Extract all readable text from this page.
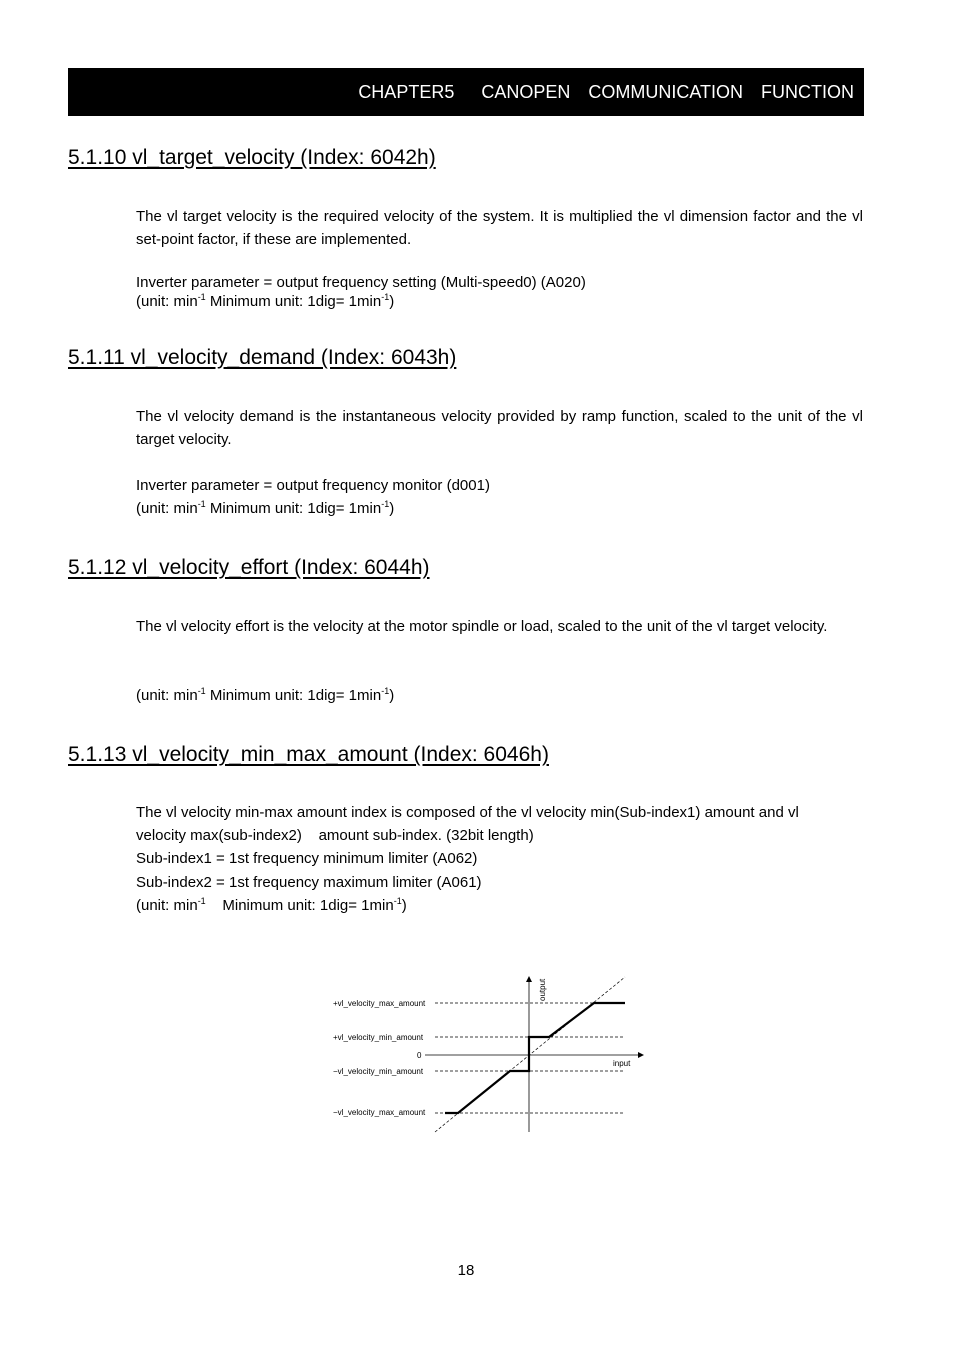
CHAPTER5   CANOPEN  COMMUNICATION  FUNCTION
5.1.10 vl_target_velocity (Index: 6042h)

The vl target velocity is the required velocity of the system. It is multiplied the vl dimension factor and the vl set-point factor, if these are implemented.

Inverter parameter = output frequency setting (Multi-speed0) (A020)
(unit: $\min^{-1}$ Minimum unit: $1dig= 1\min^{-1}$)
5.1.11 vl_velocity_demand (Index: 6043h)

The vl velocity demand is the instantaneous velocity provided by ramp function, scaled to the unit of the vl target velocity.

Inverter parameter = output frequency monitor (d001)
(unit: $\min^{-1}$ Minimum unit: $1dig= 1\min^{-1}$)
5.1.12 vl_velocity_effort (Index: 6044h)

The vl velocity effort is the velocity at the motor spindle or load, scaled to the unit of the vl target velocity.

(unit: $\min^{-1}$ Minimum unit: $1dig= 1\min^{-1}$)
5.1.13 vl_velocity_min_max_amount (Index: 6046h)
The vl velocity min-max amount index is composed of the vl velocity min(Sub-index1) amount and vl
velocity max(sub-index2)    amount sub-index. (32bit length)
Sub-index1 = 1st frequency minimum limiter (A062)
Sub-index2 = 1st frequency maximum limiter (A061)
(unit: $\min^{-1}$    Minimum unit: $1dig= 1\min^{-1}$)
+vl_velocity_max_amount
+vl_velocity_min_amount
0
−vl_velocity_min_amount
−vl_velocity_max_amount
input
output
18
